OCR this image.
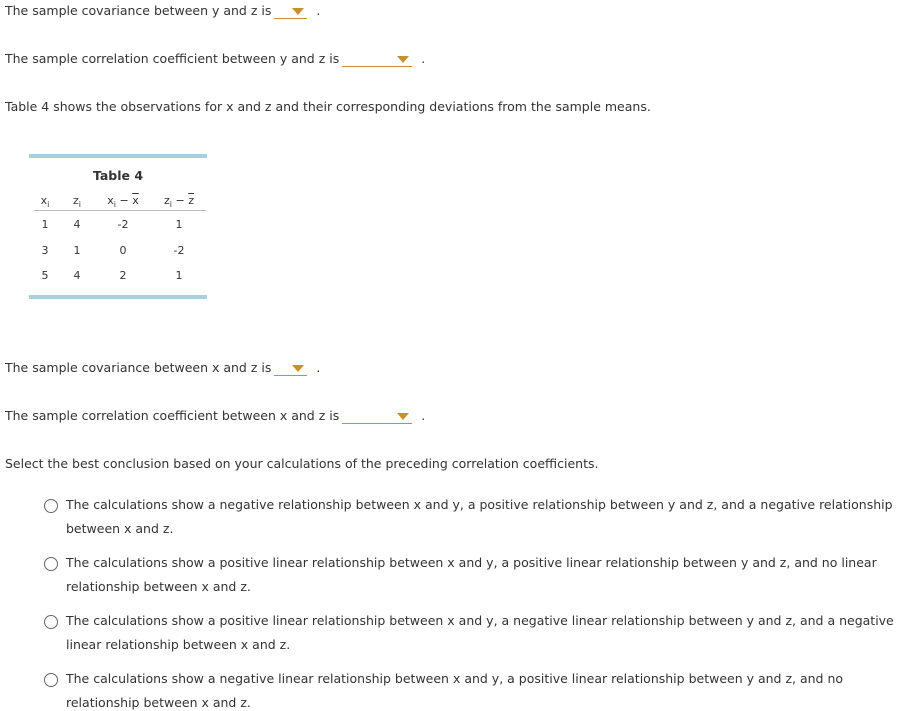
The sample covariance between y and z is	.
The sample correlation coefficient between y and z is	.
Table 4 shows the observations for x and z and their corresponding deviations from the sample means.
Table 4
$x_i$	$z_i$	$x_i - \overline{x}$	$z_i - \overline{z}$
1	4	-2	1
3	1	0	-2
5	4	2	1
The sample covariance between x and z is	.
The sample correlation coefficient between x and z is	.
Select the best conclusion based on your calculations of the preceding correlation coefficients.
The calculations show a negative relationship between x and y, a positive relationship between y and z, and a negative relationship between x and z.
The calculations show a positive linear relationship between x and y, a positive linear relationship between y and z, and no linear relationship between x and z.
The calculations show a positive linear relationship between x and y, a negative linear relationship between y and z, and a negative linear relationship between x and z.
The calculations show a negative linear relationship between x and y, a positive linear relationship between y and z, and no relationship between x and z.
